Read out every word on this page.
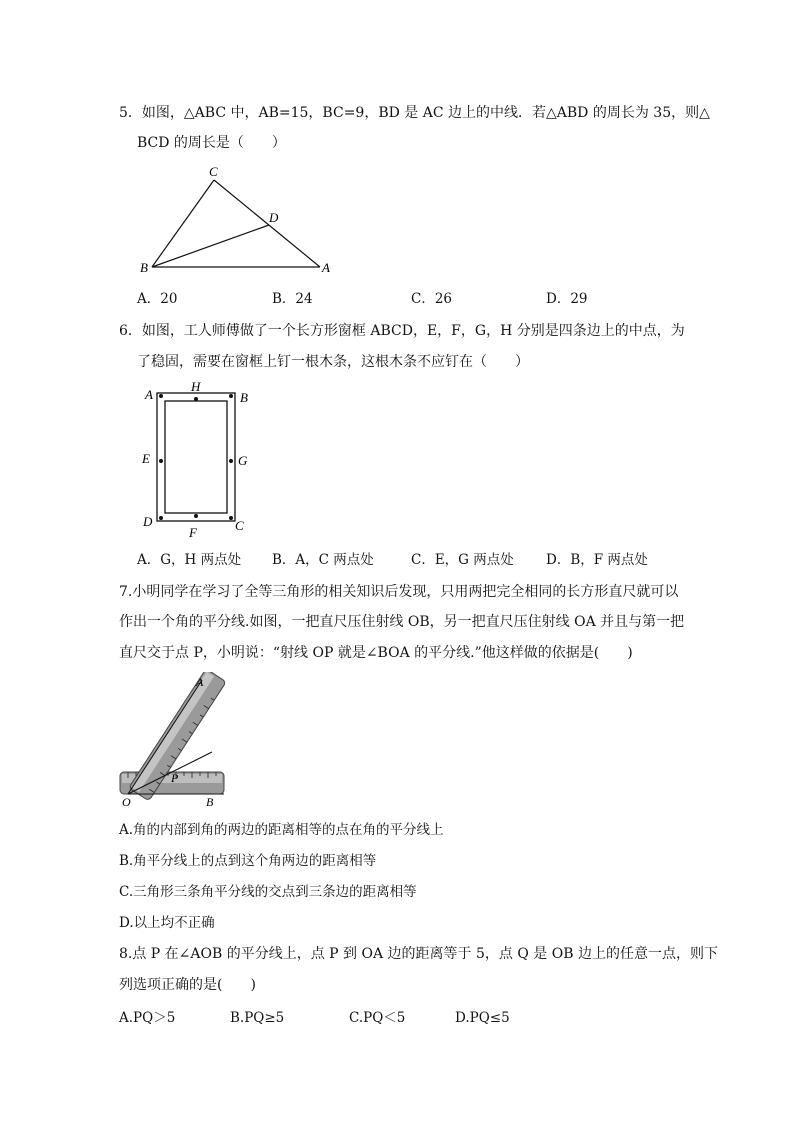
5．如图，△ABC 中，AB=15，BC=9，BD 是 AC 边上的中线．若△ABD 的周长为 35，则△
BCD 的周长是（　　）
C
D
B	A
A．20	B．24	C．26	D．29
6．如图，工人师傅做了一个长方形窗框 ABCD，E，F，G，H 分别是四条边上的中点，为
了稳固，需要在窗框上钉一根木条，这根木条不应钉在（　　）
A
H
B
E	G
D
F	C
A．G，H 两点处 B．A，C 两点处	C．E，G 两点处 D．B，F 两点处
7.小明同学在学习了全等三角形的相关知识后发现，只用两把完全相同的长方形直尺就可以
作出一个角的平分线.如图，一把直尺压住射线 OB，另一把直尺压住射线 OA 并且与第一把
直尺交于点 P，小明说：“射线 OP 就是∠BOA 的平分线.”他这样做的依据是(　　)
A
P
O	B
A.角的内部到角的两边的距离相等的点在角的平分线上
B.角平分线上的点到这个角两边的距离相等
C.三角形三条角平分线的交点到三条边的距离相等
D.以上均不正确
8.点 P 在∠AOB 的平分线上，点 P 到 OA 边的距离等于 5，点 Q 是 OB 边上的任意一点，则下
列选项正确的是(　　)
A.PQ＞5	B.PQ≥5	C.PQ＜5	D.PQ≤5
